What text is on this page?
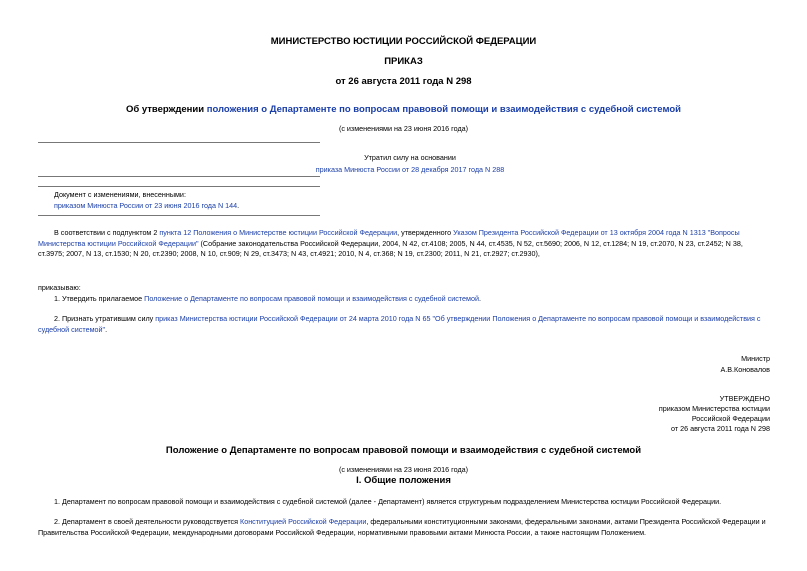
МИНИСТЕРСТВО ЮСТИЦИИ РОССИЙСКОЙ ФЕДЕРАЦИИ
ПРИКАЗ
от 26 августа 2011 года N 298
Об утверждении положения о Департаменте по вопросам правовой помощи и взаимодействия с судебной системой
(с изменениями на 23 июня 2016 года)
Утратил силу на основании
приказа Минюста России от 28 декабря 2017 года N 288
Документ с изменениями, внесенными:
приказом Минюста России от 23 июня 2016 года N 144.
В соответствии с подпунктом 2 пункта 12 Положения о Министерстве юстиции Российской Федерации, утвержденного Указом Президента Российской Федерации от 13 октября 2004 года N 1313 "Вопросы Министерства юстиции Российской Федерации" (Собрание законодательства Российской Федерации, 2004, N 42, ст.4108; 2005, N 44, ст.4535, N 52, ст.5690; 2006, N 12, ст.1284; N 19, ст.2070, N 23, ст.2452; N 38, ст.3975; 2007, N 13, ст.1530; N 20, ст.2390; 2008, N 10, ст.909; N 29, ст.3473; N 43, ст.4921; 2010, N 4, ст.368; N 19, ст.2300; 2011, N 21, ст.2927; ст.2930),
приказываю:
1. Утвердить прилагаемое Положение о Департаменте по вопросам правовой помощи и взаимодействия с судебной системой.
2. Признать утратившим силу приказ Министерства юстиции Российской Федерации от 24 марта 2010 года N 65 "Об утверждении Положения о Департаменте по вопросам правовой помощи и взаимодействия с судебной системой".
Министр
А.В.Коновалов
УТВЕРЖДЕНО
приказом Министерства юстиции
Российской Федерации
от 26 августа 2011 года N 298
Положение о Департаменте по вопросам правовой помощи и взаимодействия с судебной системой
(с изменениями на 23 июня 2016 года)
I. Общие положения
1. Департамент по вопросам правовой помощи и взаимодействия с судебной системой (далее - Департамент) является структурным подразделением Министерства юстиции Российской Федерации.
2. Департамент в своей деятельности руководствуется Конституцией Российской Федерации, федеральными конституционными законами, федеральными законами, актами Президента Российской Федерации и Правительства Российской Федерации, международными договорами Российской Федерации, нормативными правовыми актами Минюста России, а также настоящим Положением.
